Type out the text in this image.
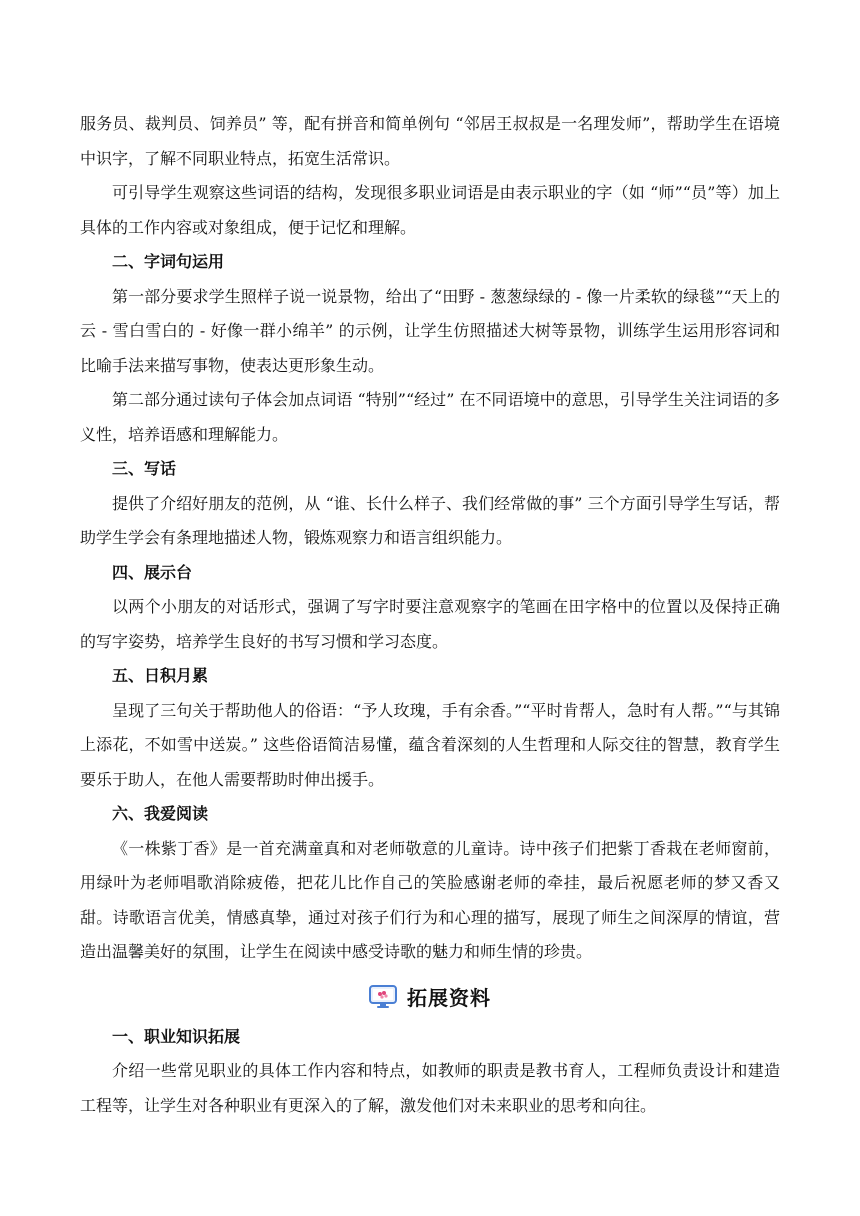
服务员、裁判员、饲养员” 等，配有拼音和简单例句 “邻居王叔叔是一名理发师”，帮助学生在语境中识字，了解不同职业特点，拓宽生活常识。

可引导学生观察这些词语的结构，发现很多职业词语是由表示职业的字（如 “师”“员”等）加上具体的工作内容或对象组成，便于记忆和理解。

二、字词句运用

第一部分要求学生照样子说一说景物，给出了“田野 - 葱葱绿绿的 - 像一片柔软的绿毯”“天上的云 - 雪白雪白的 - 好像一群小绵羊” 的示例，让学生仿照描述大树等景物，训练学生运用形容词和比喻手法来描写事物，使表达更形象生动。

第二部分通过读句子体会加点词语 “特别”“经过” 在不同语境中的意思，引导学生关注词语的多义性，培养语感和理解能力。

三、写话

提供了介绍好朋友的范例，从 “谁、长什么样子、我们经常做的事” 三个方面引导学生写话，帮助学生学会有条理地描述人物，锻炼观察力和语言组织能力。

四、展示台

以两个小朋友的对话形式，强调了写字时要注意观察字的笔画在田字格中的位置以及保持正确的写字姿势，培养学生良好的书写习惯和学习态度。

五、日积月累

呈现了三句关于帮助他人的俗语：“予人玫瑰，手有余香。”“平时肯帮人，急时有人帮。”“与其锦上添花，不如雪中送炭。” 这些俗语简洁易懂，蕴含着深刻的人生哲理和人际交往的智慧，教育学生要乐于助人，在他人需要帮助时伸出援手。

六、我爱阅读

《一株紫丁香》是一首充满童真和对老师敬意的儿童诗。诗中孩子们把紫丁香栽在老师窗前，用绿叶为老师唱歌消除疲倦，把花儿比作自己的笑脸感谢老师的牵挂，最后祝愿老师的梦又香又甜。诗歌语言优美，情感真挚，通过对孩子们行为和心理的描写，展现了师生之间深厚的情谊，营造出温馨美好的氛围，让学生在阅读中感受诗歌的魅力和师生情的珍贵。

拓展资料

一、职业知识拓展

介绍一些常见职业的具体工作内容和特点，如教师的职责是教书育人，工程师负责设计和建造工程等，让学生对各种职业有更深入的了解，激发他们对未来职业的思考和向往。
